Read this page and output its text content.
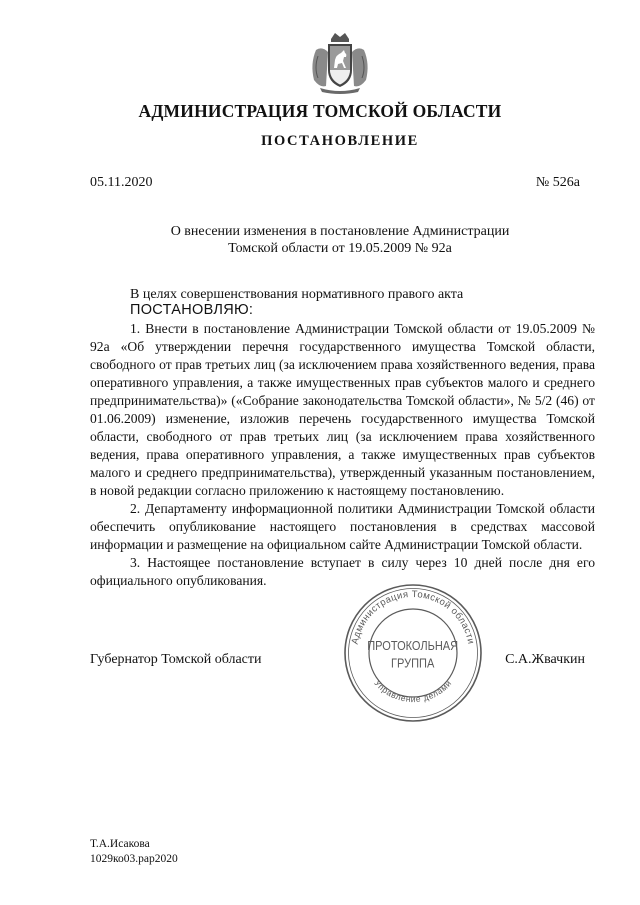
АДМИНИСТРАЦИЯ ТОМСКОЙ ОБЛАСТИ
ПОСТАНОВЛЕНИЕ
05.11.2020	№ 526а
О внесении изменения в постановление Администрации
Томской области от 19.05.2009 № 92а
В целях совершенствования нормативного правого акта
ПОСТАНОВЛЯЮ:

1. Внести в постановление Администрации Томской области от 19.05.2009 № 92а «Об утверждении перечня государственного имущества Томской области, свободного от прав третьих лиц (за исключением права хозяйственного ведения, права оперативного управления, а также имущественных прав субъектов малого и среднего предпринимательства)» («Собрание законодательства Томской области», № 5/2 (46) от 01.06.2009) изменение, изложив перечень государственного имущества Томской области, свободного от прав третьих лиц (за исключением права хозяйственного ведения, права оперативного управления, а также имущественных прав субъектов малого и среднего предпринимательства), утвержденный указанным постановлением, в новой редакции согласно приложению к настоящему постановлению.

2. Департаменту информационной политики Администрации Томской области обеспечить опубликование настоящего постановления в средствах массовой информации и размещение на официальном сайте Администрации Томской области.

3. Настоящее постановление вступает в силу через 10 дней после дня его официального опубликования.

Губернатор Томской области	С.А.Жвачкин
Администрация Томской области
Управление делами
ПРОТОКОЛЬНАЯ
ГРУППА
Т.А.Исакова
1029ко03.рар2020
